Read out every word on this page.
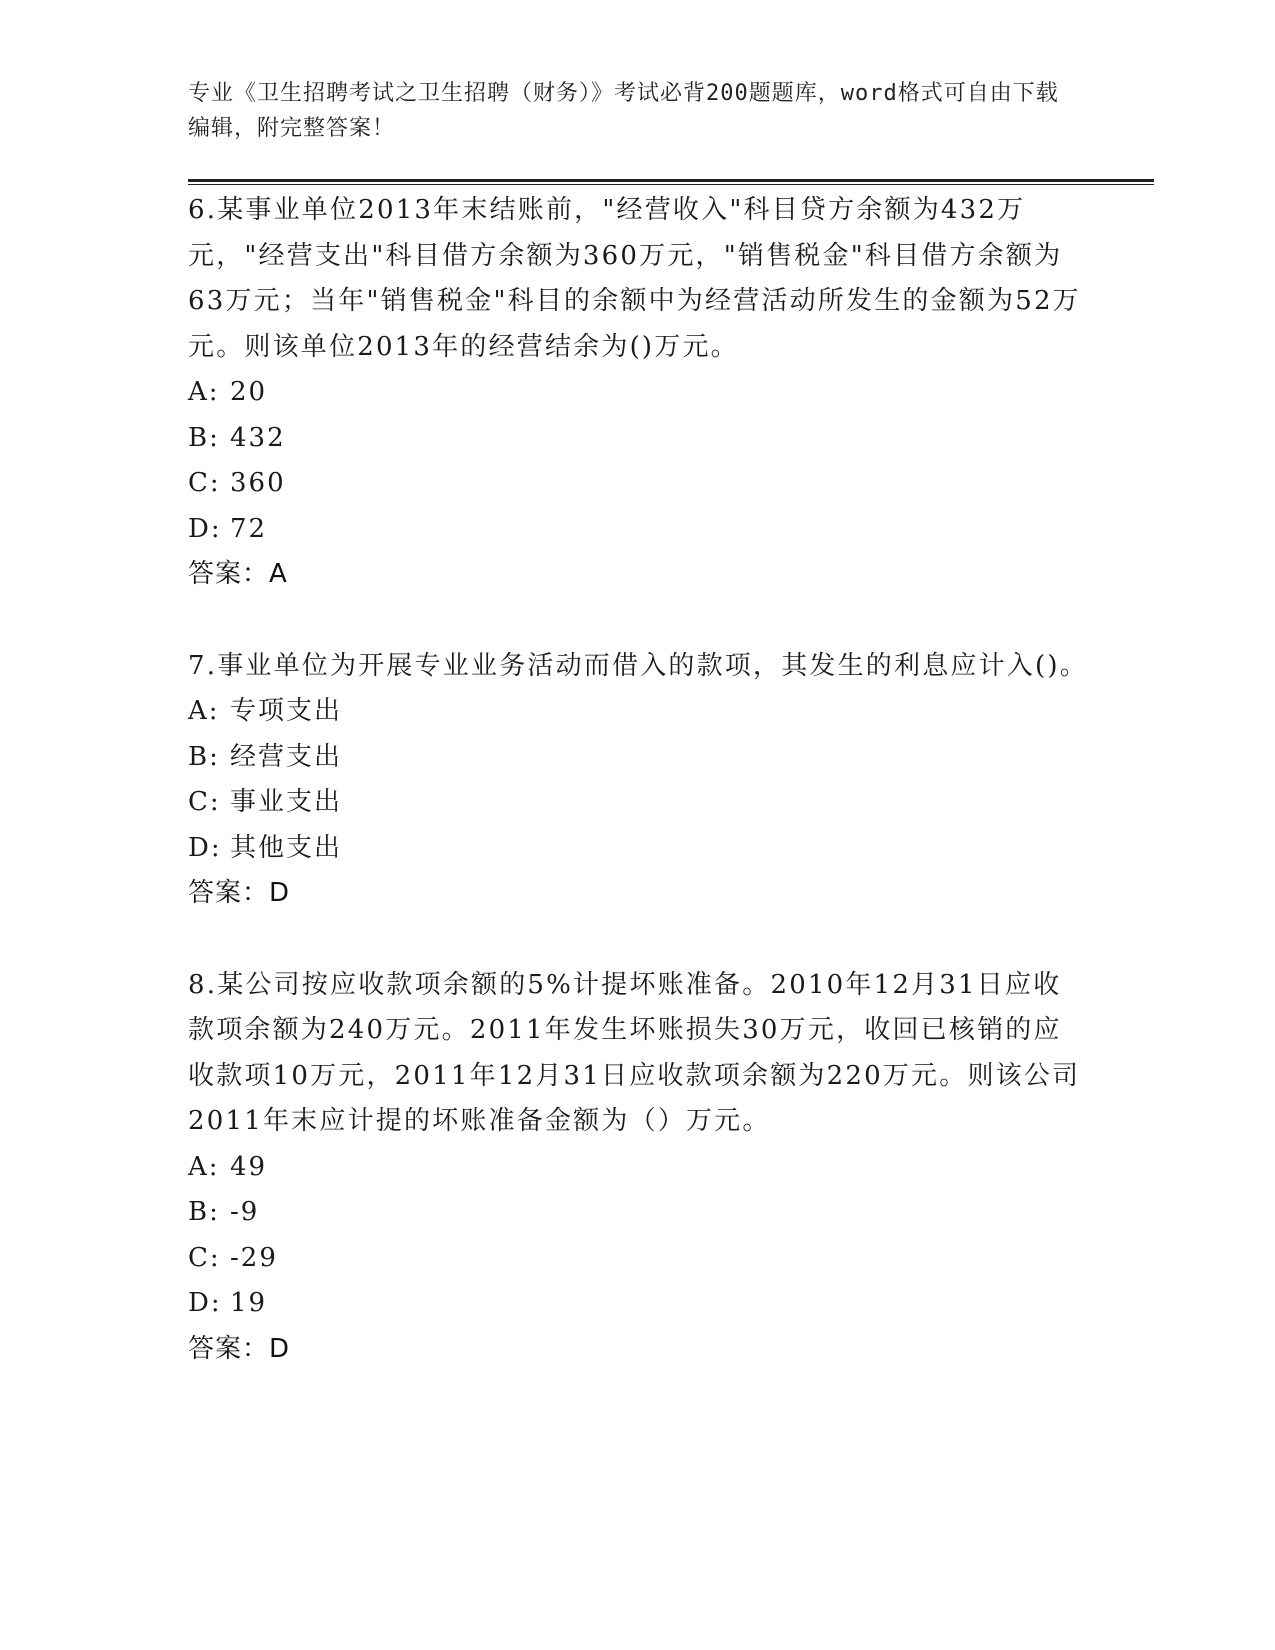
专业《卫生招聘考试之卫生招聘（财务）》考试必背200题题库，word格式可自由下载编辑，附完整答案！
6.某事业单位2013年末结账前，"经营收入"科目贷方余额为432万元，"经营支出"科目借方余额为360万元，"销售税金"科目借方余额为63万元；当年"销售税金"科目的余额中为经营活动所发生的金额为52万元。则该单位2013年的经营结余为()万元。
A: 20
B: 432
C: 360
D: 72
答案：A
7.事业单位为开展专业业务活动而借入的款项，其发生的利息应计入()。
A: 专项支出
B: 经营支出
C: 事业支出
D: 其他支出
答案：D
8.某公司按应收款项余额的5%计提坏账准备。2010年12月31日应收款项余额为240万元。2011年发生坏账损失30万元，收回已核销的应收款项10万元，2011年12月31日应收款项余额为220万元。则该公司2011年末应计提的坏账准备金额为（）万元。
A: 49
B: -9
C: -29
D: 19
答案：D
